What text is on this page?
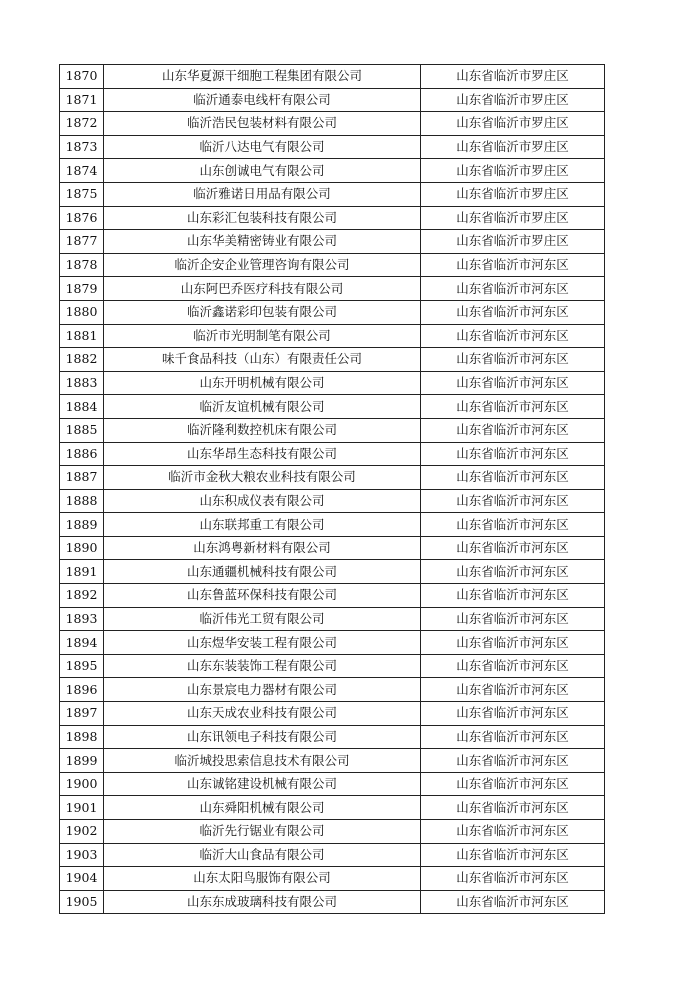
1870	山东华夏源干细胞工程集团有限公司	山东省临沂市罗庄区
1871	临沂通泰电线杆有限公司	山东省临沂市罗庄区
1872	临沂浩民包装材料有限公司	山东省临沂市罗庄区
1873	临沂八达电气有限公司	山东省临沂市罗庄区
1874	山东创诚电气有限公司	山东省临沂市罗庄区
1875	临沂雅诺日用品有限公司	山东省临沂市罗庄区
1876	山东彩汇包装科技有限公司	山东省临沂市罗庄区
1877	山东华美精密铸业有限公司	山东省临沂市罗庄区
1878	临沂企安企业管理咨询有限公司	山东省临沂市河东区
1879	山东阿巴乔医疗科技有限公司	山东省临沂市河东区
1880	临沂鑫诺彩印包装有限公司	山东省临沂市河东区
1881	临沂市光明制笔有限公司	山东省临沂市河东区
1882	味千食品科技（山东）有限责任公司	山东省临沂市河东区
1883	山东开明机械有限公司	山东省临沂市河东区
1884	临沂友谊机械有限公司	山东省临沂市河东区
1885	临沂隆利数控机床有限公司	山东省临沂市河东区
1886	山东华昂生态科技有限公司	山东省临沂市河东区
1887	临沂市金秋大粮农业科技有限公司	山东省临沂市河东区
1888	山东积成仪表有限公司	山东省临沂市河东区
1889	山东联邦重工有限公司	山东省临沂市河东区
1890	山东鸿粤新材料有限公司	山东省临沂市河东区
1891	山东通疆机械科技有限公司	山东省临沂市河东区
1892	山东鲁蓝环保科技有限公司	山东省临沂市河东区
1893	临沂伟光工贸有限公司	山东省临沂市河东区
1894	山东煜华安装工程有限公司	山东省临沂市河东区
1895	山东东装装饰工程有限公司	山东省临沂市河东区
1896	山东景宸电力器材有限公司	山东省临沂市河东区
1897	山东天成农业科技有限公司	山东省临沂市河东区
1898	山东讯领电子科技有限公司	山东省临沂市河东区
1899	临沂城投思索信息技术有限公司	山东省临沂市河东区
1900	山东诚铭建设机械有限公司	山东省临沂市河东区
1901	山东舜阳机械有限公司	山东省临沂市河东区
1902	临沂先行锯业有限公司	山东省临沂市河东区
1903	临沂大山食品有限公司	山东省临沂市河东区
1904	山东太阳鸟服饰有限公司	山东省临沂市河东区
1905	山东东成玻璃科技有限公司	山东省临沂市河东区
